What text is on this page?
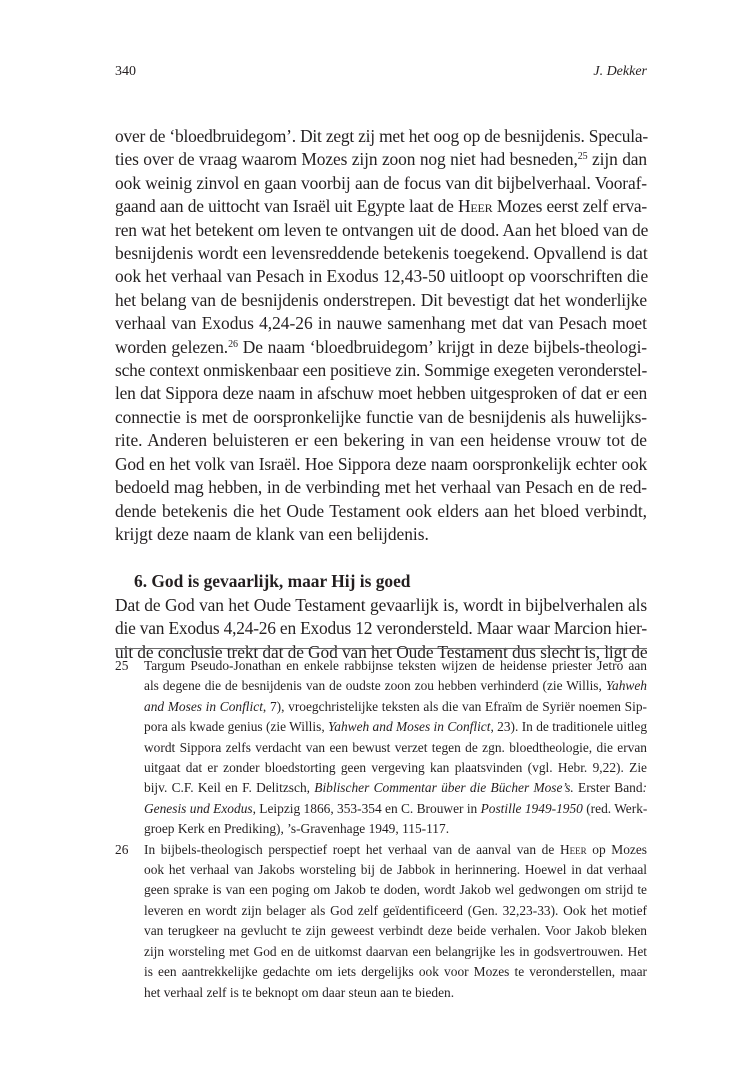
340	J. Dekker

over de ‘bloedbruidegom’. Dit zegt zij met het oog op de besnijdenis. Specula-
ties over de vraag waarom Mozes zijn zoon nog niet had besneden,$^{25}$ zijn dan
ook weinig zinvol en gaan voorbij aan de focus van dit bijbelverhaal. Vooraf-
gaand aan de uittocht van Israël uit Egypte laat de Heer Mozes eerst zelf ervа-
ren wat het betekent om leven te ontvangen uit de dood. Aan het bloed van de
besnijdenis wordt een levensreddende betekenis toegekend. Opvallend is dat
ook het verhaal van Pesach in Exodus 12,43-50 uitloopt op voorschriften die
het belang van de besnijdenis onderstrepen. Dit bevestigt dat het wonderlijke
verhaal van Exodus 4,24-26 in nauwe samenhang met dat van Pesach moet
worden gelezen.$^{26}$ De naam ‘bloedbruidegom’ krijgt in deze bijbels-theologi-
sche context onmiskenbaar een positieve zin. Sommige exegeten veronderstel-
len dat Sippora deze naam in afschuw moet hebben uitgesproken of dat er een
connectie is met de oorspronkelijke functie van de besnijdenis als huwelijks-
rite. Anderen beluisteren er een bekering in van een heidense vrouw tot de
God en het volk van Israël. Hoe Sippora deze naam oorspronkelijk echter ook
bedoeld mag hebben, in de verbinding met het verhaal van Pesach en de red-
dende betekenis die het Oude Testament ook elders aan het bloed verbindt,
krijgt deze naam de klank van een belijdenis.

6. God is gevaarlijk, maar Hij is goed

Dat de God van het Oude Testament gevaarlijk is, wordt in bijbelverhalen als
die van Exodus 4,24-26 en Exodus 12 verondersteld. Maar waar Marcion hier-
uit de conclusie trekt dat de God van het Oude Testament dus slecht is, ligt de

25 Targum Pseudo-Jonathan en enkele rabbijnse teksten wijzen de heidense priester Jetro aan
als degene die de besnijdenis van de oudste zoon zou hebben verhinderd (zie Willis, Yahweh
and Moses in Conflict, 7), vroegchristelijke teksten als die van Efraïm de Syriër noemen Sip-
pora als kwade genius (zie Willis, Yahweh and Moses in Conflict, 23). In de traditionele uitleg
wordt Sippora zelfs verdacht van een bewust verzet tegen de zgn. bloedtheologie, die ervan
uitgaat dat er zonder bloedstorting geen vergeving kan plaatsvinden (vgl. Hebr. 9,22). Zie
bijv. C.F. Keil en F. Delitzsch, Biblischer Commentar über die Bücher Mose’s. Erster Band:
Genesis und Exodus, Leipzig 1866, 353-354 en C. Brouwer in Postille 1949-1950 (red. Werk-
groep Kerk en Prediking), ’s-Gravenhage 1949, 115-117.
26 In bijbels-theologisch perspectief roept het verhaal van de aanval van de Heer op Mozes
ook het verhaal van Jakobs worsteling bij de Jabbok in herinnering. Hoewel in dat verhaal
geen sprake is van een poging om Jakob te doden, wordt Jakob wel gedwongen om strijd te
leveren en wordt zijn belager als God zelf geïdentificeerd (Gen. 32,23-33). Ook het motief
van terugkeer na gevlucht te zijn geweest verbindt deze beide verhalen. Voor Jakob bleken
zijn worsteling met God en de uitkomst daarvan een belangrijke les in godsvertrouwen. Het
is een aantrekkelijke gedachte om iets dergelijks ook voor Mozes te veronderstellen, maar
het verhaal zelf is te beknopt om daar steun aan te bieden.
